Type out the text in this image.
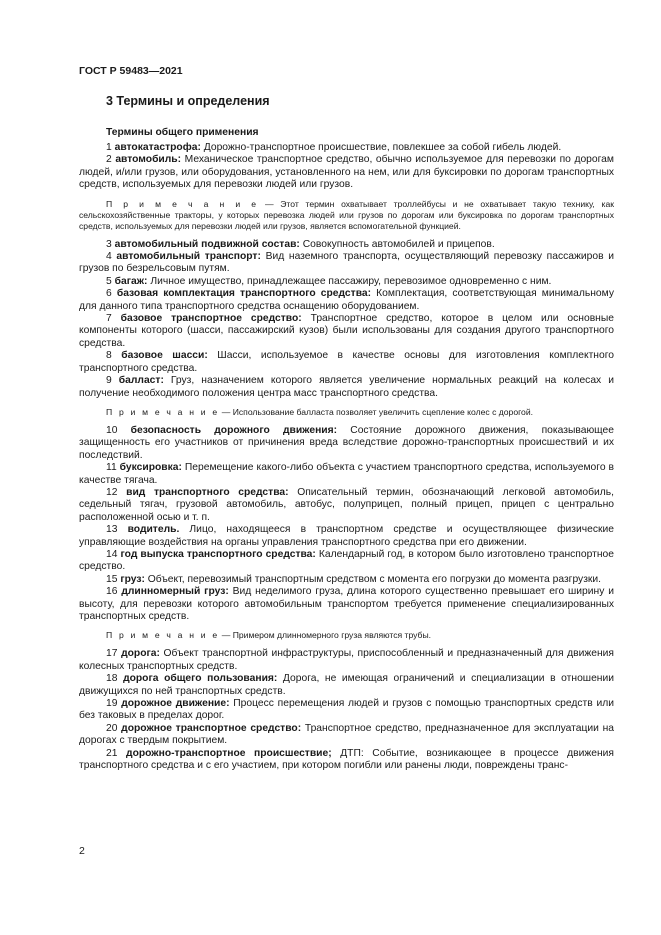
ГОСТ Р 59483—2021
3 Термины и определения
Термины общего применения

1 автокатастрофа: Дорожно-транспортное происшествие, повлекшее за собой гибель людей.

2 автомобиль: Механическое транспортное средство, обычно используемое для перевозки по дорогам людей, и/или грузов, или оборудования, установленного на нем, или для буксировки по дорогам транспортных средств, используемых для перевозки людей или грузов.

П р и м е ч а н и е — Этот термин охватывает троллейбусы и не охватывает такую технику, как сельскохозяйственные тракторы, у которых перевозка людей или грузов по дорогам или буксировка по дорогам транспортных средств, используемых для перевозки людей или грузов, является вспомогательной функцией.

3 автомобильный подвижной состав: Совокупность автомобилей и прицепов.

4 автомобильный транспорт: Вид наземного транспорта, осуществляющий перевозку пассажиров и грузов по безрельсовым путям.

5 багаж: Личное имущество, принадлежащее пассажиру, перевозимое одновременно с ним.

6 базовая комплектация транспортного средства: Комплектация, соответствующая минимальному для данного типа транспортного средства оснащению оборудованием.

7 базовое транспортное средство: Транспортное средство, которое в целом или основные компоненты которого (шасси, пассажирский кузов) были использованы для создания другого транспортного средства.

8 базовое шасси: Шасси, используемое в качестве основы для изготовления комплектного транспортного средства.

9 балласт: Груз, назначением которого является увеличение нормальных реакций на колесах и получение необходимого положения центра масс транспортного средства.

П р и м е ч а н и е — Использование балласта позволяет увеличить сцепление колес с дорогой.

10 безопасность дорожного движения: Состояние дорожного движения, показывающее защищенность его участников от причинения вреда вследствие дорожно-транспортных происшествий и их последствий.

11 буксировка: Перемещение какого-либо объекта с участием транспортного средства, используемого в качестве тягача.

12 вид транспортного средства: Описательный термин, обозначающий легковой автомобиль, седельный тягач, грузовой автомобиль, автобус, полуприцеп, полный прицеп, прицеп с центрально расположенной осью и т. п.

13 водитель. Лицо, находящееся в транспортном средстве и осуществляющее физические управляющие воздействия на органы управления транспортного средства при его движении.

14 год выпуска транспортного средства: Календарный год, в котором было изготовлено транспортное средство.

15 груз: Объект, перевозимый транспортным средством с момента его погрузки до момента разгрузки.

16 длинномерный груз: Вид неделимого груза, длина которого существенно превышает его ширину и высоту, для перевозки которого автомобильным транспортом требуется применение специализированных транспортных средств.

П р и м е ч а н и е — Примером длинномерного груза являются трубы.

17 дорога: Объект транспортной инфраструктуры, приспособленный и предназначенный для движения колесных транспортных средств.

18 дорога общего пользования: Дорога, не имеющая ограничений и специализации в отношении движущихся по ней транспортных средств.

19 дорожное движение: Процесс перемещения людей и грузов с помощью транспортных средств или без таковых в пределах дорог.

20 дорожное транспортное средство: Транспортное средство, предназначенное для эксплуатации на дорогах с твердым покрытием.

21 дорожно-транспортное происшествие; ДТП: Событие, возникающее в процессе движения транспортного средства и с его участием, при котором погибли или ранены люди, повреждены транс-

2
